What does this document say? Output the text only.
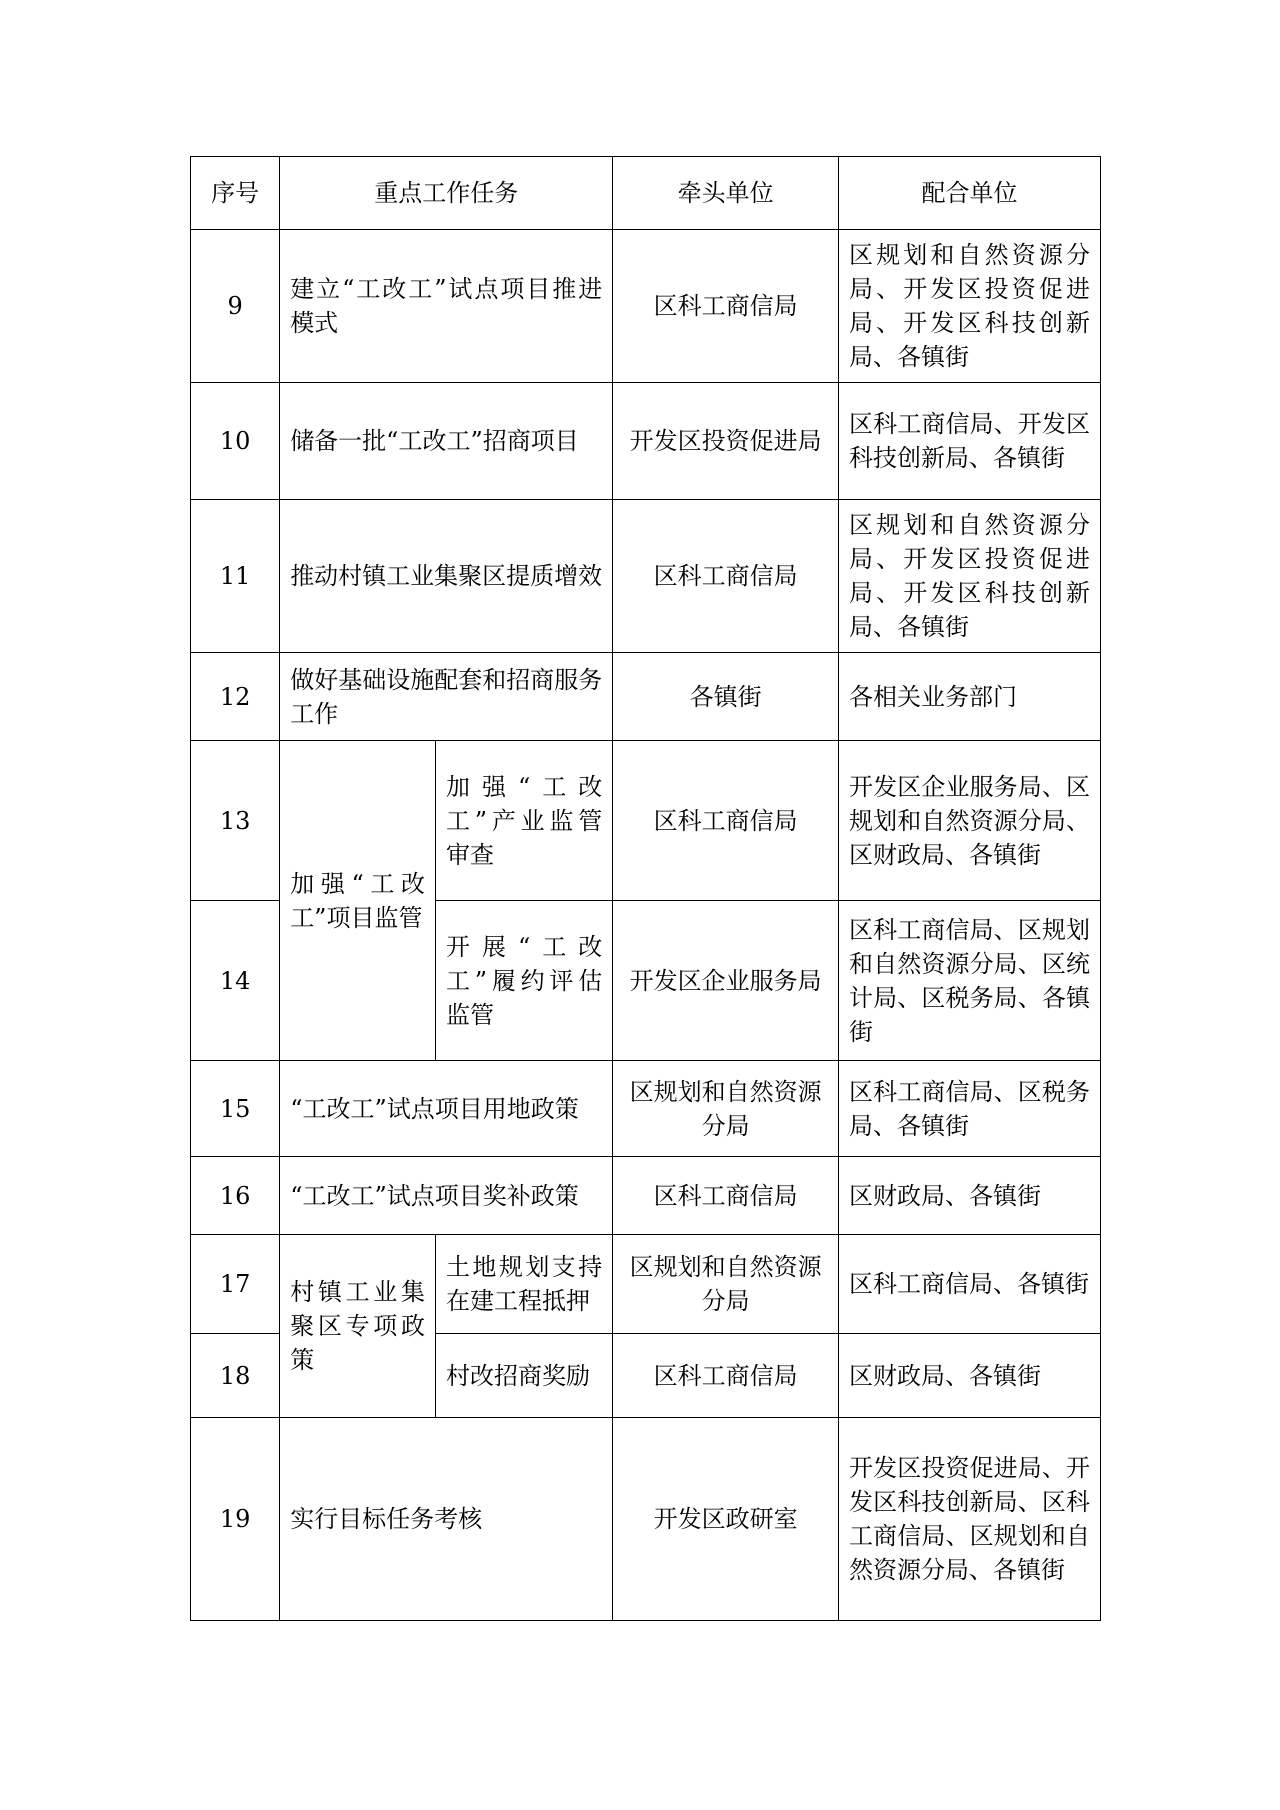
序号	重点工作任务		牵头单位	配合单位
9	建立“工改工”试点项目推进模式		区科工商信局	区规划和自然资源分局、开发区投资促进局、开发区科技创新局、各镇街
10	储备一批“工改工”招商项目		开发区投资促进局	区科工商信局、开发区科技创新局、各镇街
11	推动村镇工业集聚区提质增效		区科工商信局	区规划和自然资源分局、开发区投资促进局、开发区科技创新局、各镇街
12	做好基础设施配套和招商服务工作		各镇街	各相关业务部门
13	加强“工改工”项目监管	加强“工改工”产业监管审查	区科工商信局	开发区企业服务局、区规划和自然资源分局、区财政局、各镇街
14		开展“工改工”履约评估监管	开发区企业服务局	区科工商信局、区规划和自然资源分局、区统计局、区税务局、各镇街
15	“工改工”试点项目用地政策		区规划和自然资源分局	区科工商信局、区税务局、各镇街
16	“工改工”试点项目奖补政策		区科工商信局	区财政局、各镇街
17	村镇工业集聚区专项政策	土地规划支持在建工程抵押	区规划和自然资源分局	区科工商信局、各镇街
18		村改招商奖励	区科工商信局	区财政局、各镇街
19	实行目标任务考核		开发区政研室	开发区投资促进局、开发区科技创新局、区科工商信局、区规划和自然资源分局、各镇街
